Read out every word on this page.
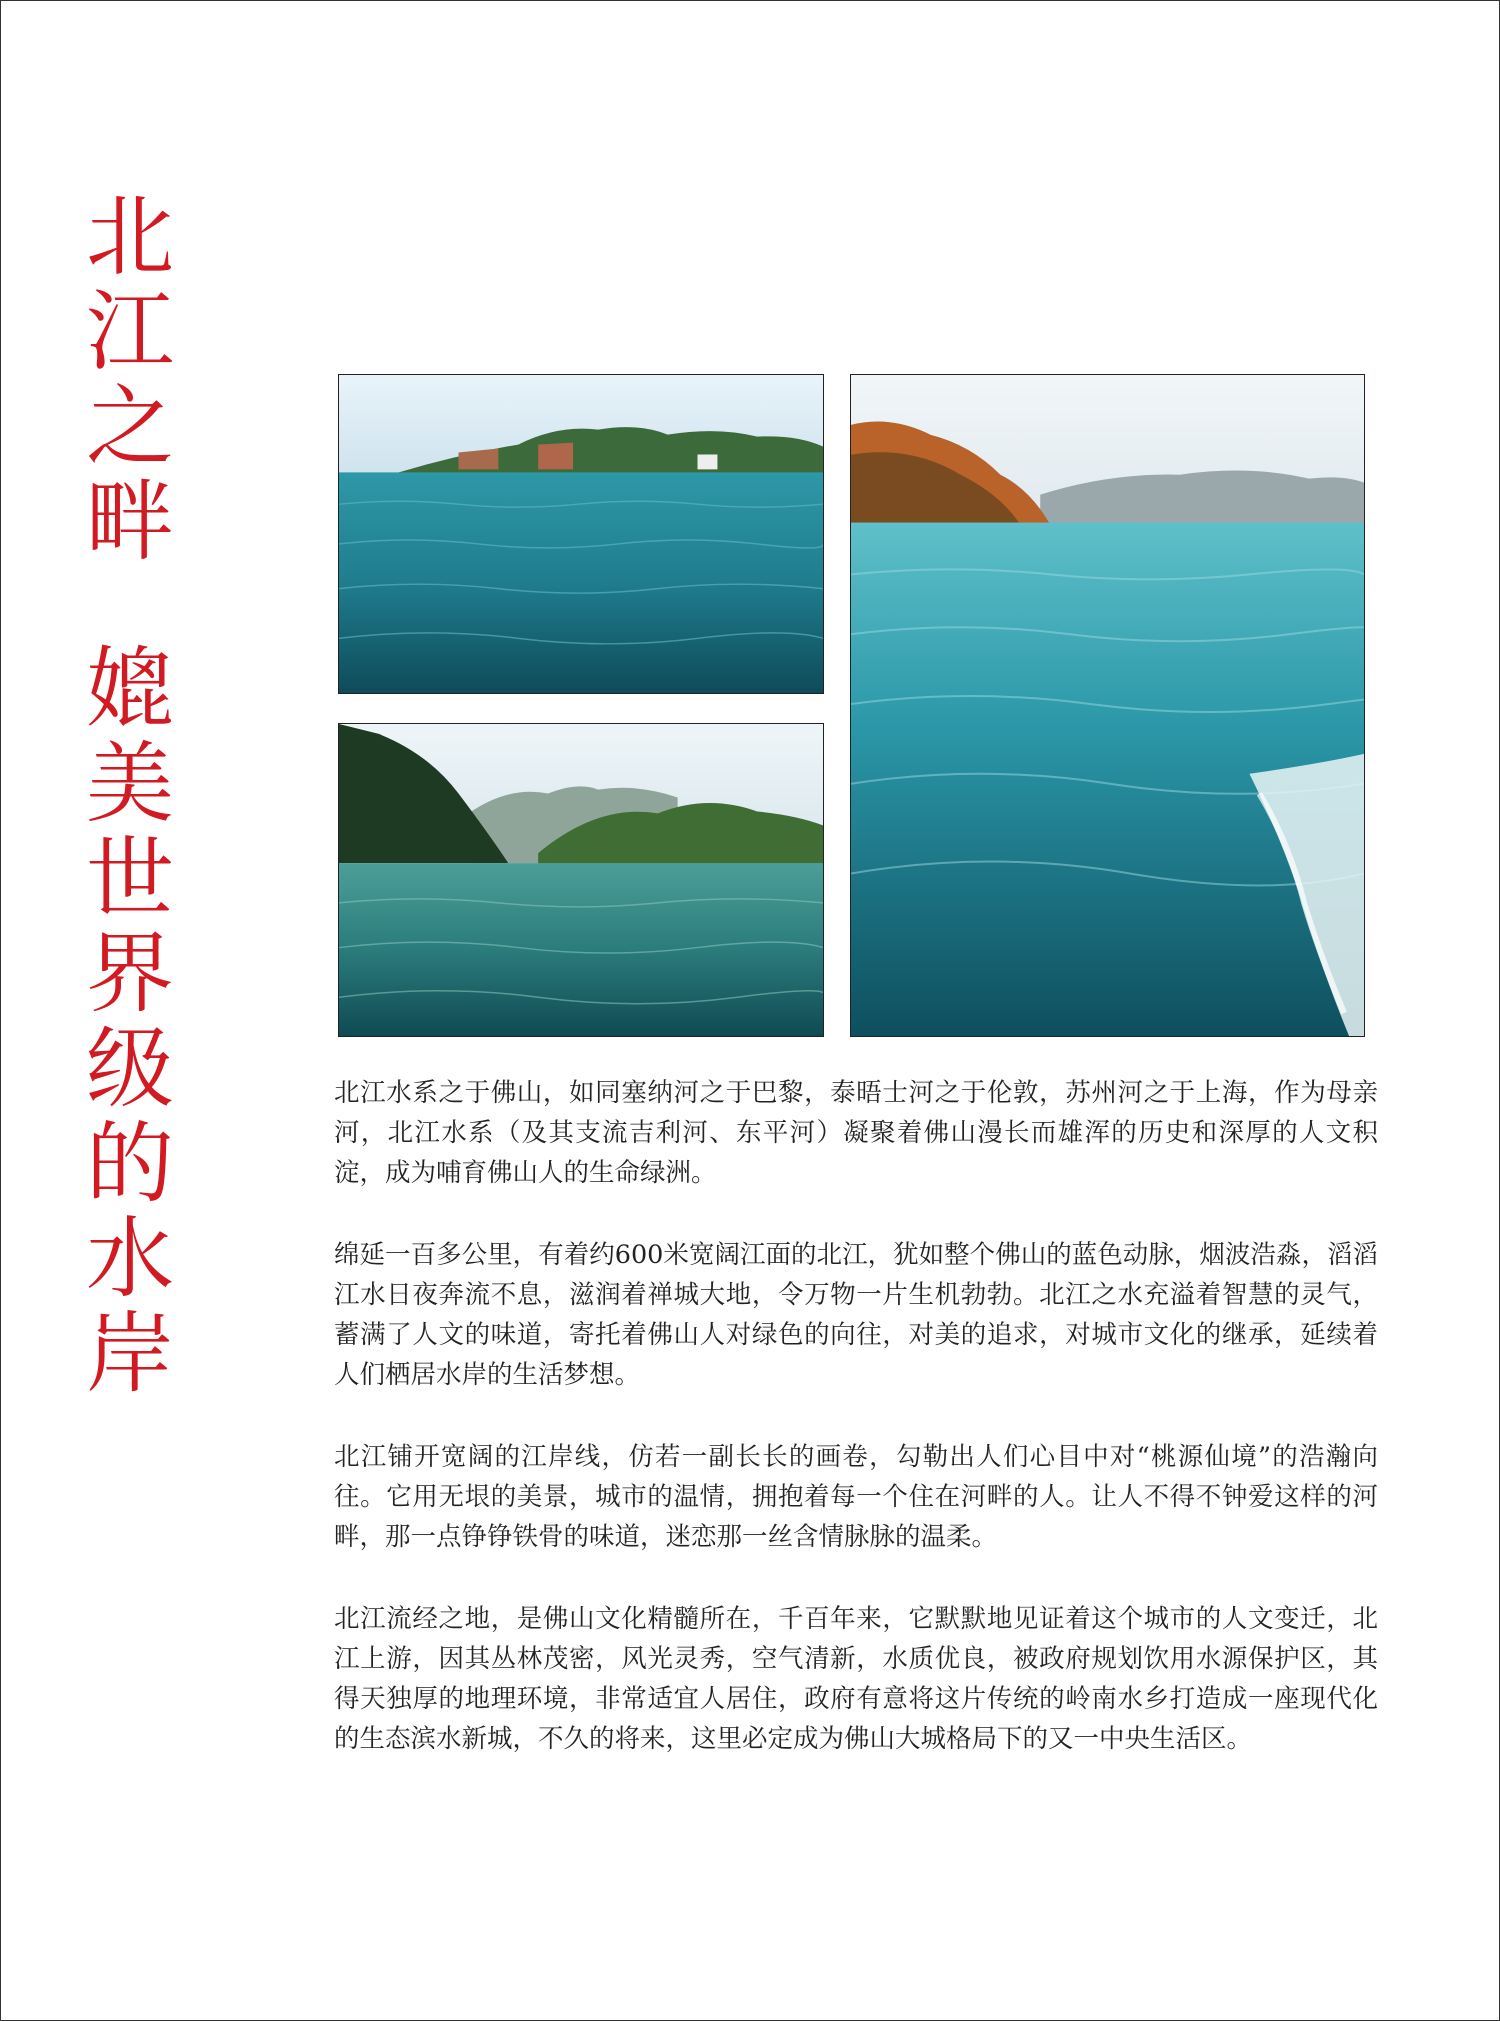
北江之畔
媲美世界级的水岸

北江水系之于佛山，如同塞纳河之于巴黎，泰晤士河之于伦敦，苏州河之于上海，作为母亲河，北江水系（及其支流吉利河、东平河）凝聚着佛山漫长而雄浑的历史和深厚的人文积淀，成为哺育佛山人的生命绿洲。

绵延一百多公里，有着约600米宽阔江面的北江，犹如整个佛山的蓝色动脉，烟波浩淼，滔滔江水日夜奔流不息，滋润着禅城大地，令万物一片生机勃勃。北江之水充溢着智慧的灵气，蓄满了人文的味道，寄托着佛山人对绿色的向往，对美的追求，对城市文化的继承，延续着人们栖居水岸的生活梦想。

北江铺开宽阔的江岸线，仿若一副长长的画卷，勾勒出人们心目中对“桃源仙境”的浩瀚向往。它用无垠的美景，城市的温情，拥抱着每一个住在河畔的人。让人不得不钟爱这样的河畔，那一点铮铮铁骨的味道，迷恋那一丝含情脉脉的温柔。

北江流经之地，是佛山文化精髓所在，千百年来，它默默地见证着这个城市的人文变迁，北江上游，因其丛林茂密，风光灵秀，空气清新，水质优良，被政府规划饮用水源保护区，其得天独厚的地理环境，非常适宜人居住，政府有意将这片传统的岭南水乡打造成一座现代化的生态滨水新城，不久的将来，这里必定成为佛山大城格局下的又一中央生活区。
